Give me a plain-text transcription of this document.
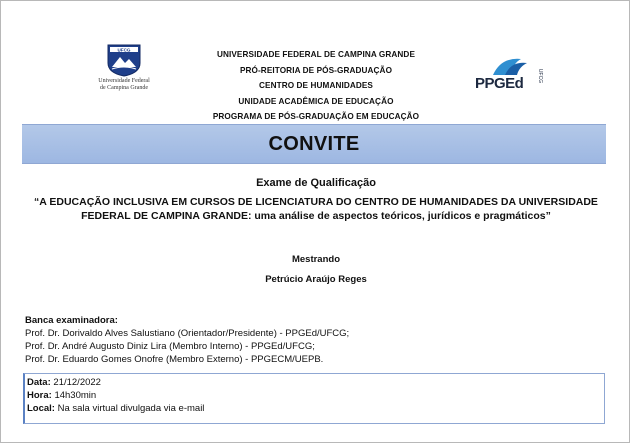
UFCG
Universidade Federal
de Campina Grande
UNIVERSIDADE FEDERAL DE CAMPINA GRANDE
PRÓ-REITORIA DE PÓS-GRADUAÇÃO
CENTRO DE HUMANIDADES
UNIDADE ACADÊMICA DE EDUCAÇÃO
PROGRAMA DE PÓS-GRADUAÇÃO EM EDUCAÇÃO
PPGEd	UFCG
CONVITE
Exame de Qualificação
“A EDUCAÇÃO INCLUSIVA EM CURSOS DE LICENCIATURA DO CENTRO DE HUMANIDADES DA UNIVERSIDADE
FEDERAL DE CAMPINA GRANDE: uma análise de aspectos teóricos, jurídicos e pragmáticos”
Mestrando
Petrúcio Araújo Reges
Banca examinadora:
Prof. Dr. Dorivaldo Alves Salustiano (Orientador/Presidente) - PPGEd/UFCG;
Prof. Dr. André Augusto Diniz Lira (Membro Interno) - PPGEd/UFCG;
Prof. Dr. Eduardo Gomes Onofre (Membro Externo) - PPGECM/UEPB.
Data: 21/12/2022
Hora: 14h30min
Local: Na sala virtual divulgada via e-mail
